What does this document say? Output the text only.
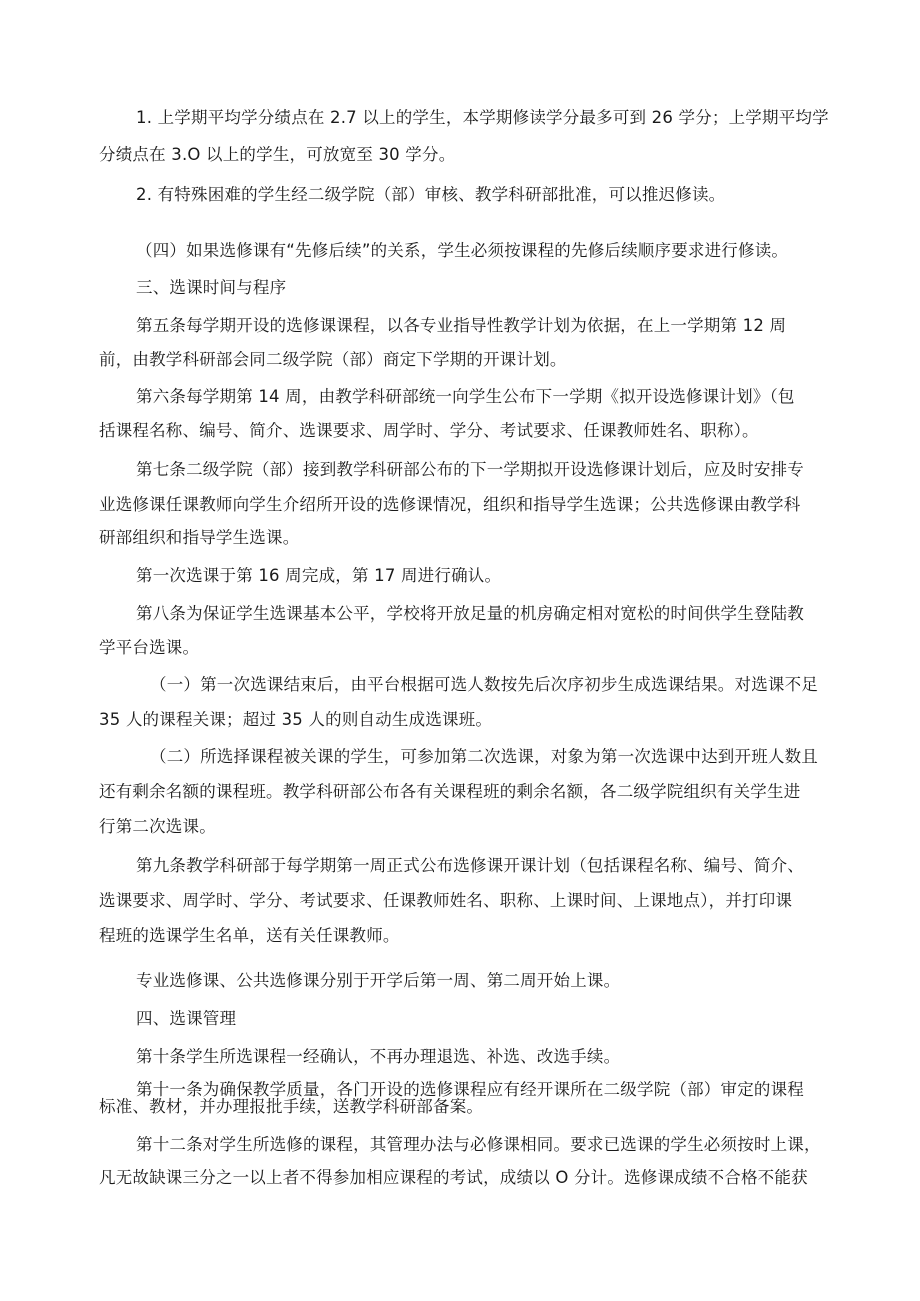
1. 上学期平均学分绩点在 2.7 以上的学生，本学期修读学分最多可到 26 学分；上学期平均学
分绩点在 3.O 以上的学生，可放宽至 30 学分。
2. 有特殊困难的学生经二级学院（部）审核、教学科研部批准，可以推迟修读。
（四）如果选修课有“先修后续”的关系，学生必须按课程的先修后续顺序要求进行修读。
三、选课时间与程序
第五条每学期开设的选修课课程，以各专业指导性教学计划为依据，在上一学期第 12 周
前，由教学科研部会同二级学院（部）商定下学期的开课计划。
第六条每学期第 14 周，由教学科研部统一向学生公布下一学期《拟开设选修课计划》（包
括课程名称、编号、简介、选课要求、周学时、学分、考试要求、任课教师姓名、职称）。
第七条二级学院（部）接到教学科研部公布的下一学期拟开设选修课计划后，应及时安排专
业选修课任课教师向学生介绍所开设的选修课情况，组织和指导学生选课；公共选修课由教学科
研部组织和指导学生选课。
第一次选课于第 16 周完成，第 17 周进行确认。
第八条为保证学生选课基本公平，学校将开放足量的机房确定相对宽松的时间供学生登陆教
学平台选课。
（一）第一次选课结束后，由平台根据可选人数按先后次序初步生成选课结果。对选课不足
35 人的课程关课；超过 35 人的则自动生成选课班。
（二）所选择课程被关课的学生，可参加第二次选课，对象为第一次选课中达到开班人数且
还有剩余名额的课程班。教学科研部公布各有关课程班的剩余名额，各二级学院组织有关学生进
行第二次选课。
第九条教学科研部于每学期第一周正式公布选修课开课计划（包括课程名称、编号、简介、
选课要求、周学时、学分、考试要求、任课教师姓名、职称、上课时间、上课地点），并打印课
程班的选课学生名单，送有关任课教师。
专业选修课、公共选修课分别于开学后第一周、第二周开始上课。
四、选课管理
第十条学生所选课程一经确认，不再办理退选、补选、改选手续。
第十一条为确保教学质量，各门开设的选修课程应有经开课所在二级学院（部）审定的课程
标准、教材，并办理报批手续，送教学科研部备案。
第十二条对学生所选修的课程，其管理办法与必修课相同。要求已选课的学生必须按时上课，
凡无故缺课三分之一以上者不得参加相应课程的考试，成绩以 O 分计。选修课成绩不合格不能获
